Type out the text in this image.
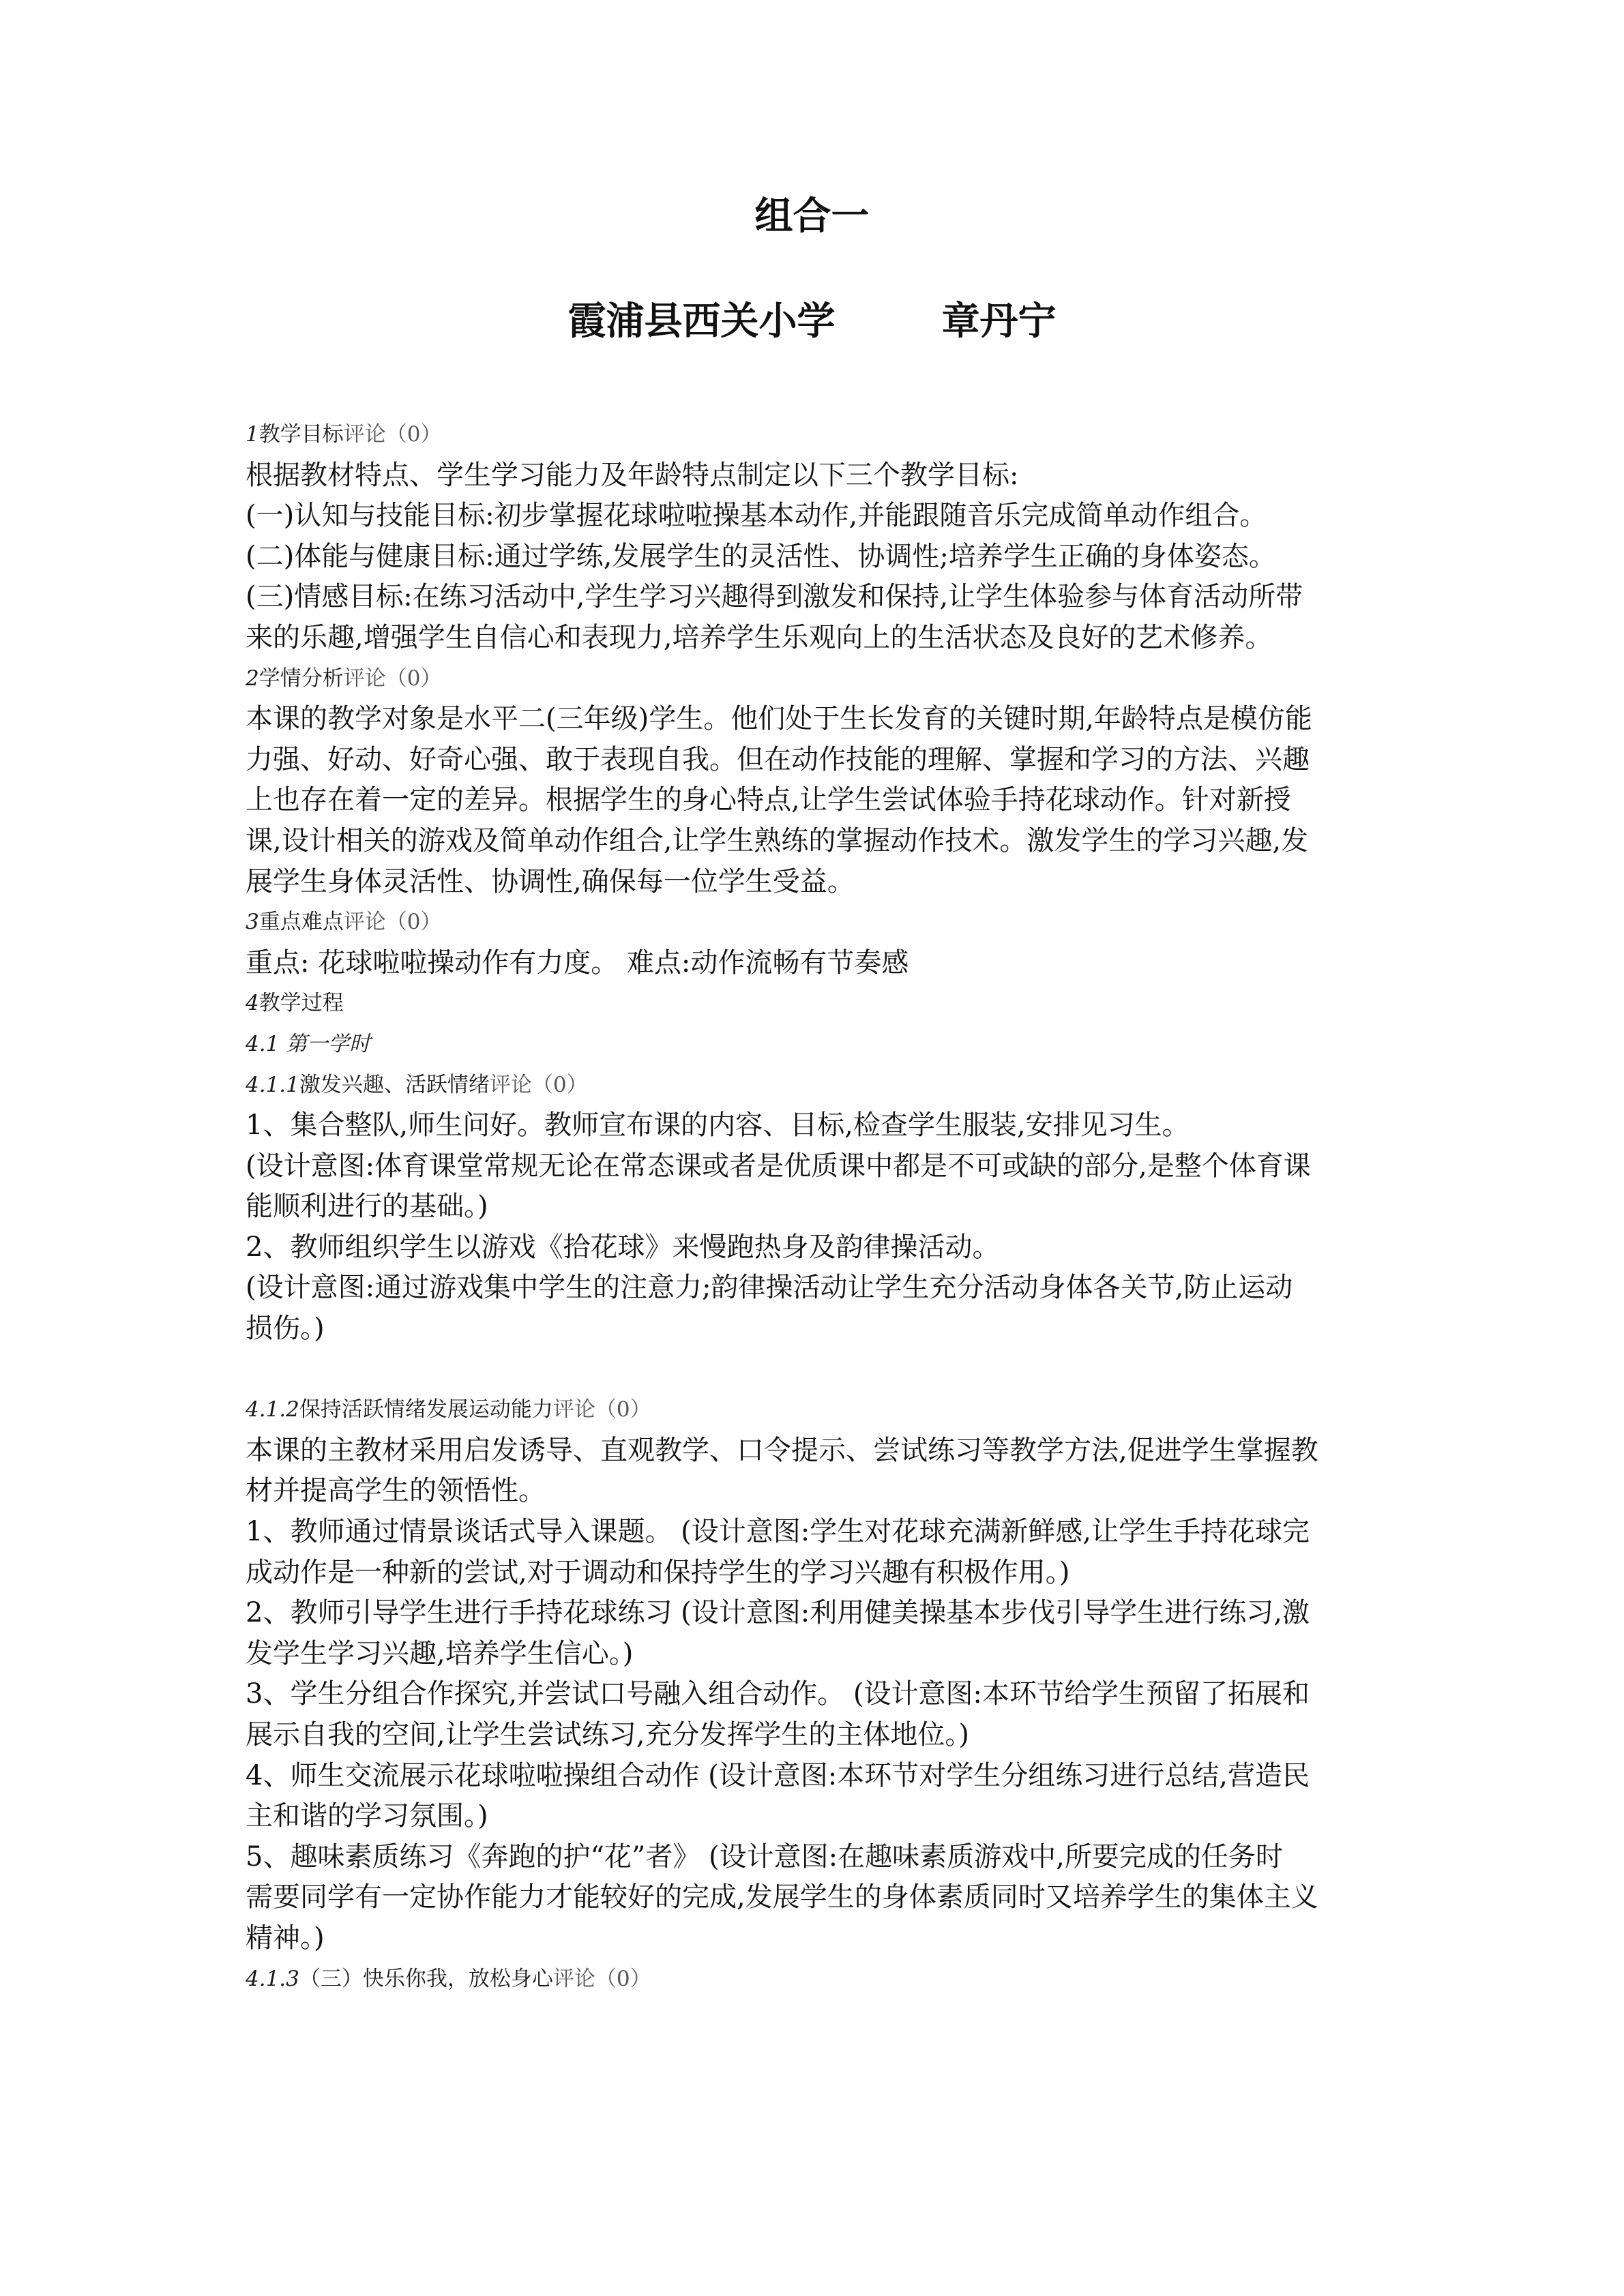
组合一
霞浦县西关小学        章丹宁
1教学目标评论（0）
根据教材特点、学生学习能力及年龄特点制定以下三个教学目标:
(一)认知与技能目标:初步掌握花球啦啦操基本动作,并能跟随音乐完成简单动作组合。
(二)体能与健康目标:通过学练,发展学生的灵活性、协调性;培养学生正确的身体姿态。
(三)情感目标:在练习活动中,学生学习兴趣得到激发和保持,让学生体验参与体育活动所带
来的乐趣,增强学生自信心和表现力,培养学生乐观向上的生活状态及良好的艺术修养。
2学情分析评论（0）
本课的教学对象是水平二(三年级)学生。他们处于生长发育的关键时期,年龄特点是模仿能
力强、好动、好奇心强、敢于表现自我。但在动作技能的理解、掌握和学习的方法、兴趣
上也存在着一定的差异。根据学生的身心特点,让学生尝试体验手持花球动作。针对新授
课,设计相关的游戏及简单动作组合,让学生熟练的掌握动作技术。激发学生的学习兴趣,发
展学生身体灵活性、协调性,确保每一位学生受益。
3重点难点评论（0）
重点: 花球啦啦操动作有力度。 难点:动作流畅有节奏感
4教学过程
4.1 第一学时
4.1.1激发兴趣、活跃情绪评论（0）
1、集合整队,师生问好。教师宣布课的内容、目标,检查学生服装,安排见习生。
(设计意图:体育课堂常规无论在常态课或者是优质课中都是不可或缺的部分,是整个体育课
能顺利进行的基础。)
2、教师组织学生以游戏《拾花球》来慢跑热身及韵律操活动。
(设计意图:通过游戏集中学生的注意力;韵律操活动让学生充分活动身体各关节,防止运动
损伤。)
4.1.2保持活跃情绪发展运动能力评论（0）
本课的主教材采用启发诱导、直观教学、口令提示、尝试练习等教学方法,促进学生掌握教
材并提高学生的领悟性。
1、教师通过情景谈话式导入课题。 (设计意图:学生对花球充满新鲜感,让学生手持花球完
成动作是一种新的尝试,对于调动和保持学生的学习兴趣有积极作用。)
2、教师引导学生进行手持花球练习 (设计意图:利用健美操基本步伐引导学生进行练习,激
发学生学习兴趣,培养学生信心。)
3、学生分组合作探究,并尝试口号融入组合动作。 (设计意图:本环节给学生预留了拓展和
展示自我的空间,让学生尝试练习,充分发挥学生的主体地位。)
4、师生交流展示花球啦啦操组合动作 (设计意图:本环节对学生分组练习进行总结,营造民
主和谐的学习氛围。)
5、趣味素质练习《奔跑的护“花”者》 (设计意图:在趣味素质游戏中,所要完成的任务时
需要同学有一定协作能力才能较好的完成,发展学生的身体素质同时又培养学生的集体主义
精神。)
4.1.3（三）快乐你我，放松身心评论（0）
